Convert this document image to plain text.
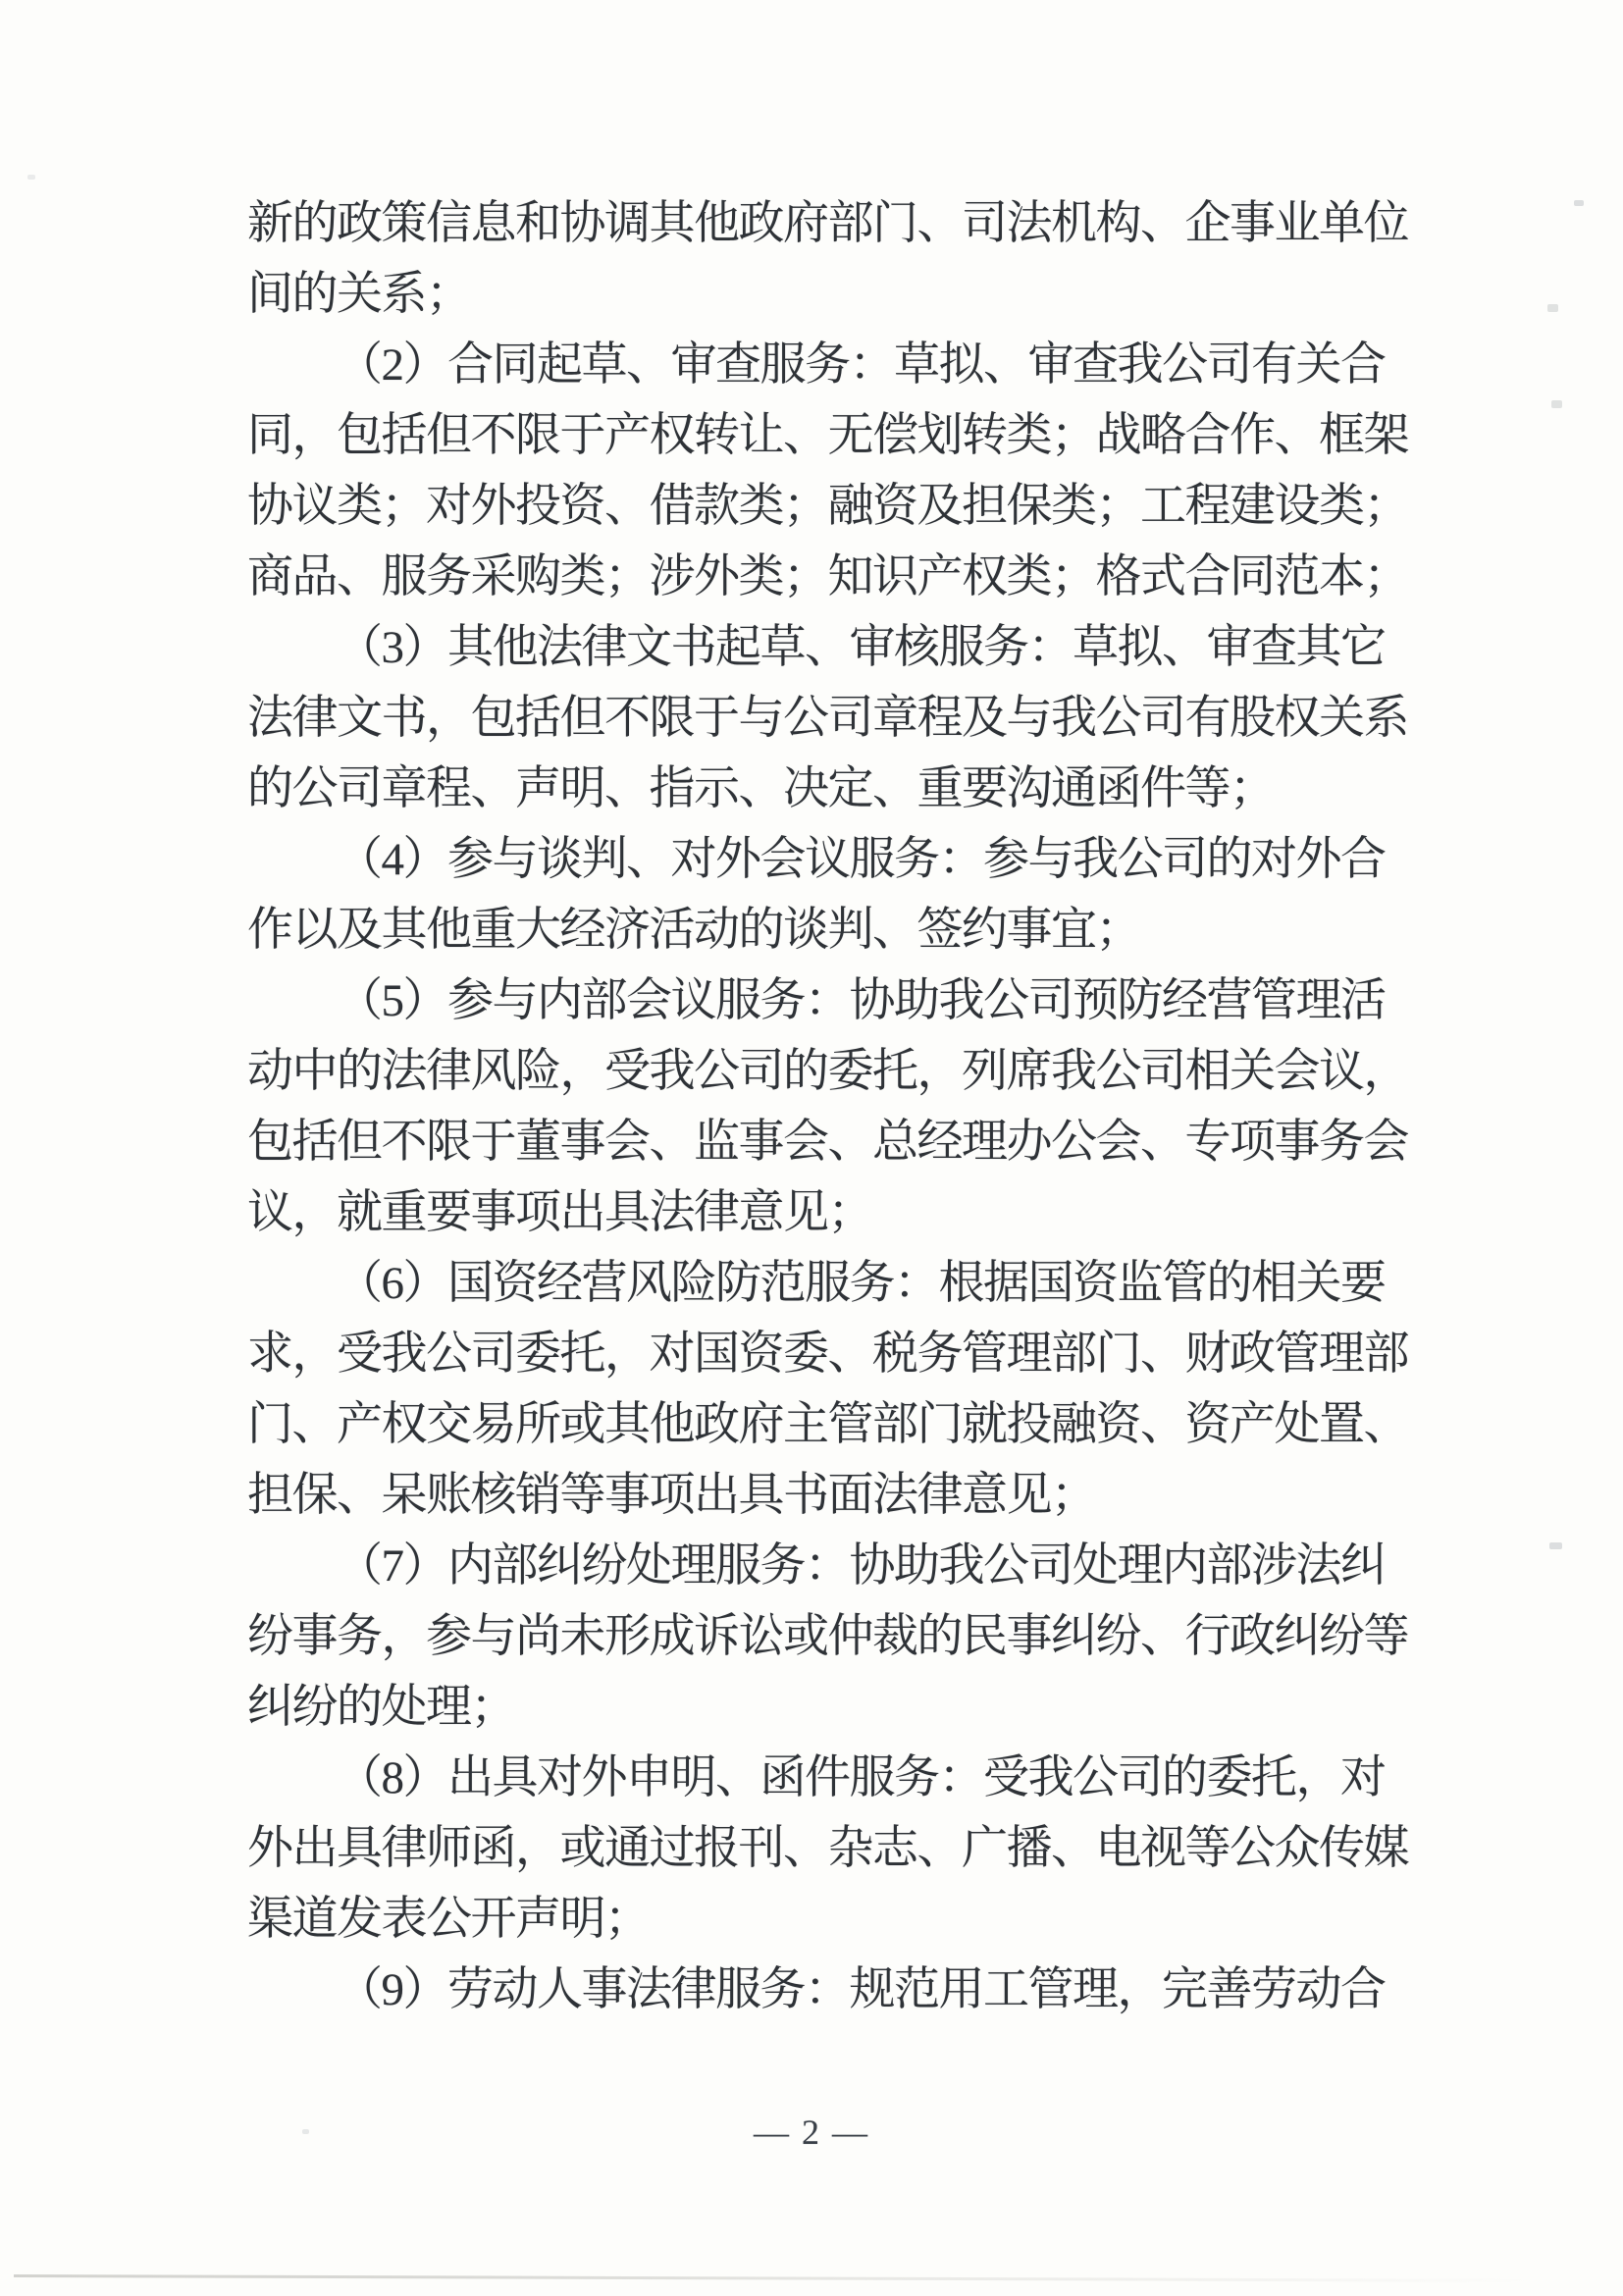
新的政策信息和协调其他政府部门、司法机构、企事业单位
间的关系；
（2）合同起草、审查服务：草拟、审查我公司有关合
同，包括但不限于产权转让、无偿划转类；战略合作、框架
协议类；对外投资、借款类；融资及担保类；工程建设类；
商品、服务采购类；涉外类；知识产权类；格式合同范本；
（3）其他法律文书起草、审核服务：草拟、审查其它
法律文书，包括但不限于与公司章程及与我公司有股权关系
的公司章程、声明、指示、决定、重要沟通函件等；
（4）参与谈判、对外会议服务：参与我公司的对外合
作以及其他重大经济活动的谈判、签约事宜；
（5）参与内部会议服务：协助我公司预防经营管理活
动中的法律风险，受我公司的委托，列席我公司相关会议，
包括但不限于董事会、监事会、总经理办公会、专项事务会
议，就重要事项出具法律意见；
（6）国资经营风险防范服务：根据国资监管的相关要
求，受我公司委托，对国资委、税务管理部门、财政管理部
门、产权交易所或其他政府主管部门就投融资、资产处置、
担保、呆账核销等事项出具书面法律意见；
（7）内部纠纷处理服务：协助我公司处理内部涉法纠
纷事务，参与尚未形成诉讼或仲裁的民事纠纷、行政纠纷等
纠纷的处理；
（8）出具对外申明、函件服务：受我公司的委托，对
外出具律师函，或通过报刊、杂志、广播、电视等公众传媒
渠道发表公开声明；
（9）劳动人事法律服务：规范用工管理，完善劳动合
— 2 —
